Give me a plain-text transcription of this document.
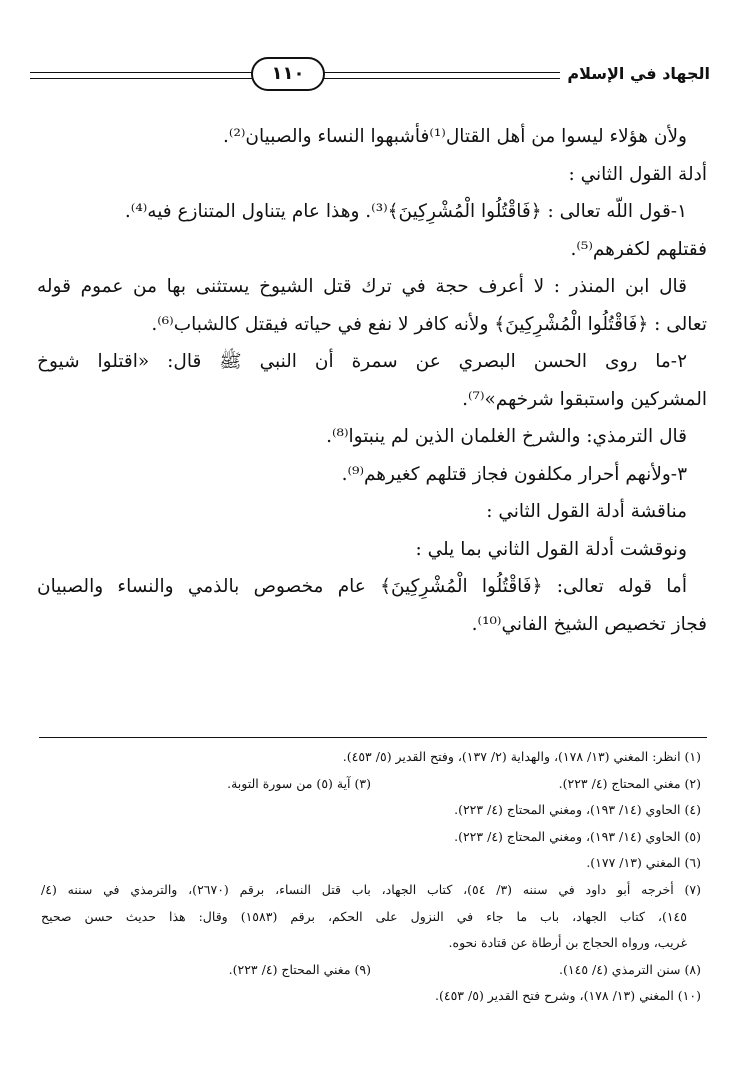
الجهاد في الإسلام
١١٠
ولأن هؤلاء ليسوا من أهل القتال⁽¹⁾فأشبهوا النساء والصبيان⁽²⁾.
أدلة القول الثاني :
١-قول اللّه تعالى : ﴿فَاقْتُلُوا الْمُشْرِكِينَ﴾⁽³⁾. وهذا عام يتناول المتنازع فيه⁽⁴⁾.
فقتلهم لكفرهم⁽⁵⁾.
قال ابن المنذر : لا أعرف حجة في ترك قتل الشيوخ يستثنى بها من عموم قوله
تعالى : ﴿فَاقْتُلُوا الْمُشْرِكِينَ﴾ ولأنه كافر لا نفع في حياته فيقتل كالشباب⁽⁶⁾.
٢-ما روى الحسن البصري عن سمرة أن النبي ﷺ قال: «اقتلوا شيوخ
المشركين واستبقوا شرخهم»⁽⁷⁾.
قال الترمذي: والشرخ الغلمان الذين لم ينبتوا⁽⁸⁾.
٣-ولأنهم أحرار مكلفون فجاز قتلهم كغيرهم⁽⁹⁾.
مناقشة أدلة القول الثاني :
ونوقشت أدلة القول الثاني بما يلي :
أما قوله تعالى: ﴿فَاقْتُلُوا الْمُشْرِكِينَ﴾ عام مخصوص بالذمي والنساء والصبيان
فجاز تخصيص الشيخ الفاني⁽¹⁰⁾.
(١) انظر: المغني (١٣/ ١٧٨)، والهداية (٢/ ١٣٧)، وفتح القدير (٥/ ٤٥٣).
(٢) مغني المحتاج (٤/ ٢٢٣).
(٣) آية (٥) من سورة التوبة.
(٤) الحاوي (١٤/ ١٩٣)، ومغني المحتاج (٤/ ٢٢٣).
(٥) الحاوي (١٤/ ١٩٣)، ومغني المحتاج (٤/ ٢٢٣).
(٦) المغني (١٣/ ١٧٧).
(٧) أخرجه أبو داود في سننه (٣/ ٥٤)، كتاب الجهاد، باب قتل النساء، برقم (٢٦٧٠)، والترمذي في سننه (٤/
١٤٥)، كتاب الجهاد، باب ما جاء في النزول على الحكم، برقم (١٥٨٣) وقال: هذا حديث حسن صحيح
غريب، ورواه الحجاج بن أرطاة عن قتادة نحوه.
(٨) سنن الترمذي (٤/ ١٤٥).
(٩) مغني المحتاج (٤/ ٢٢٣).
(١٠) المغني (١٣/ ١٧٨)، وشرح فتح القدير (٥/ ٤٥٣).
